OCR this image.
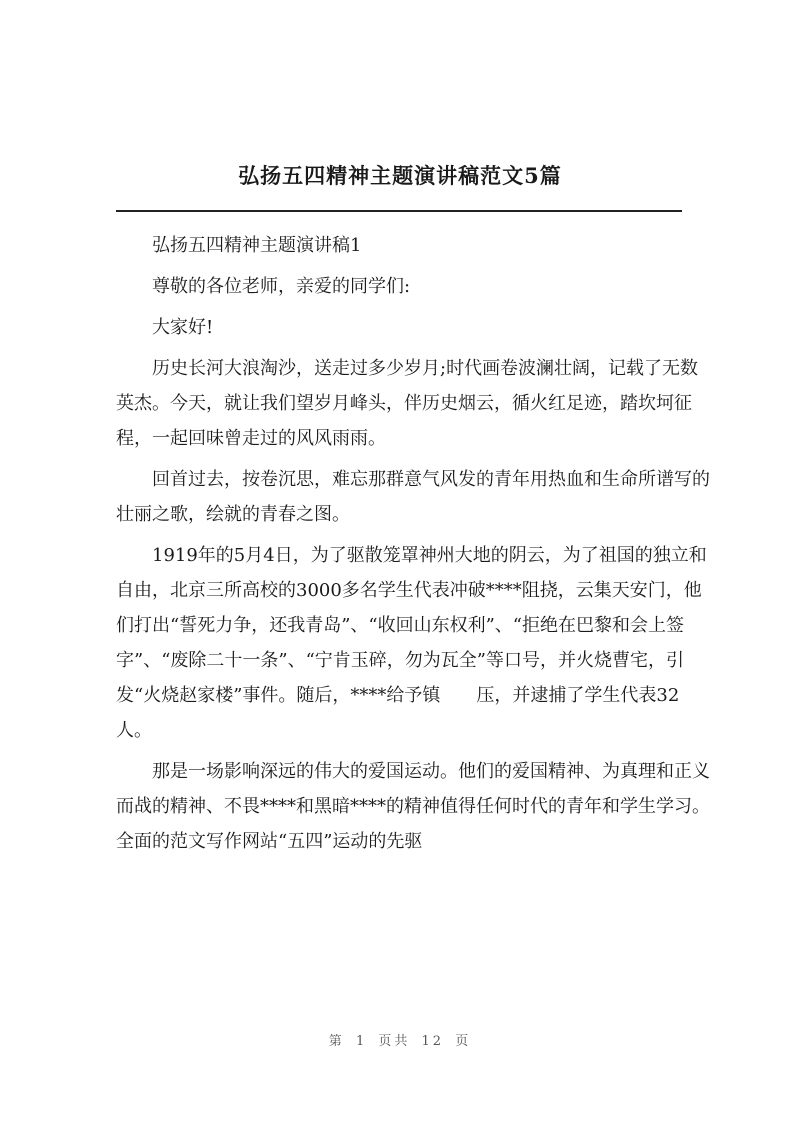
弘扬五四精神主题演讲稿范文5篇

弘扬五四精神主题演讲稿1

尊敬的各位老师，亲爱的同学们:

大家好!

历史长河大浪淘沙，送走过多少岁月;时代画卷波澜壮阔，记载了无数英杰。今天，就让我们望岁月峰头，伴历史烟云，循火红足迹，踏坎坷征程，一起回味曾走过的风风雨雨。

回首过去，按卷沉思，难忘那群意气风发的青年用热血和生命所谱写的壮丽之歌，绘就的青春之图。

1919年的5月4日，为了驱散笼罩神州大地的阴云，为了祖国的独立和自由，北京三所高校的3000多名学生代表冲破****阻挠，云集天安门，他们打出“誓死力争，还我青岛”、“收回山东权利”、“拒绝在巴黎和会上签字”、“废除二十一条”、“宁肯玉碎，勿为瓦全”等口号，并火烧曹宅，引发“火烧赵家楼”事件。随后，****给予镇　　压，并逮捕了学生代表32人。

那是一场影响深远的伟大的爱国运动。他们的爱国精神、为真理和正义而战的精神、不畏****和黑暗****的精神值得任何时代的青年和学生学习。全面的范文写作网站“五四”运动的先驱

第 1 页共 12 页
